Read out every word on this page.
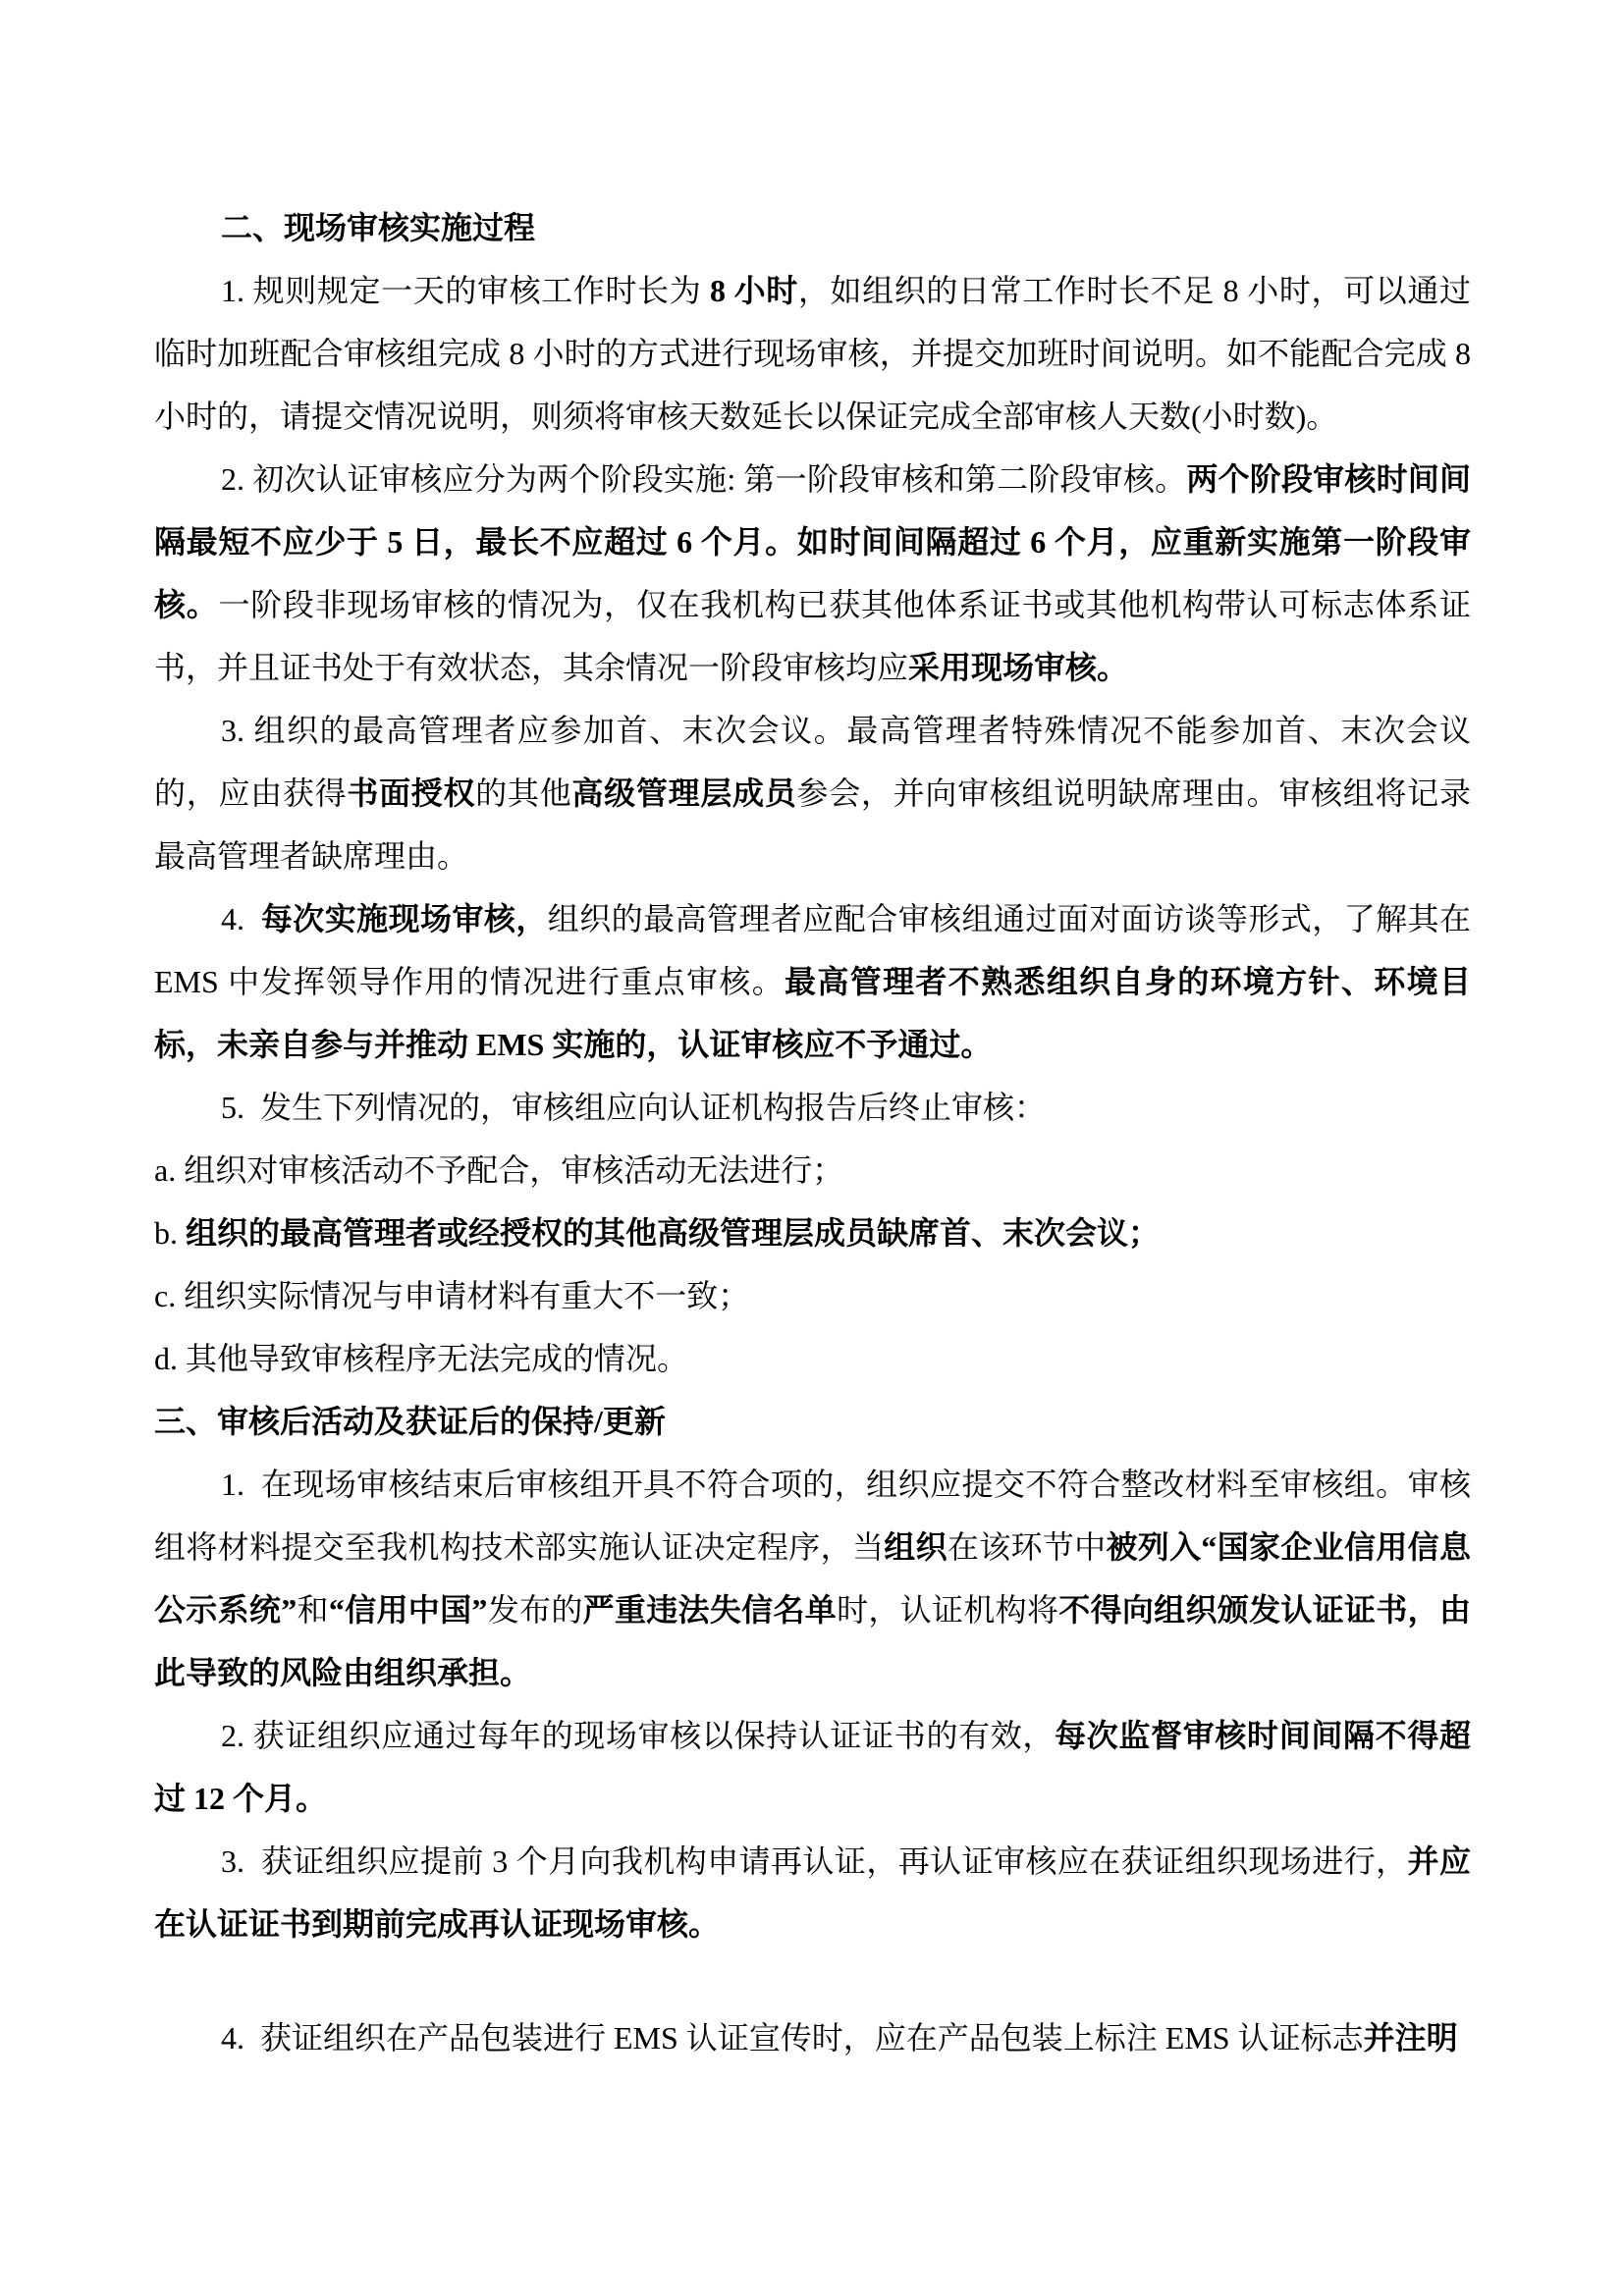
二、现场审核实施过程

1. 规则规定一天的审核工作时长为 8 小时，如组织的日常工作时长不足 8 小时，可以通过临时加班配合审核组完成 8 小时的方式进行现场审核，并提交加班时间说明。如不能配合完成 8 小时的，请提交情况说明，则须将审核天数延长以保证完成全部审核人天数(小时数)。

2. 初次认证审核应分为两个阶段实施: 第一阶段审核和第二阶段审核。两个阶段审核时间间隔最短不应少于 5 日，最长不应超过 6 个月。如时间间隔超过 6 个月，应重新实施第一阶段审核。一阶段非现场审核的情况为，仅在我机构已获其他体系证书或其他机构带认可标志体系证书，并且证书处于有效状态，其余情况一阶段审核均应采用现场审核。

3. 组织的最高管理者应参加首、末次会议。最高管理者特殊情况不能参加首、末次会议的，应由获得书面授权的其他高级管理层成员参会，并向审核组说明缺席理由。审核组将记录最高管理者缺席理由。

4.  每次实施现场审核，组织的最高管理者应配合审核组通过面对面访谈等形式，了解其在 EMS 中发挥领导作用的情况进行重点审核。最高管理者不熟悉组织自身的环境方针、环境目标，未亲自参与并推动 EMS 实施的，认证审核应不予通过。

5.  发生下列情况的，审核组应向认证机构报告后终止审核：

a. 组织对审核活动不予配合，审核活动无法进行；

b. 组织的最高管理者或经授权的其他高级管理层成员缺席首、末次会议；

c. 组织实际情况与申请材料有重大不一致；

d. 其他导致审核程序无法完成的情况。

三、审核后活动及获证后的保持/更新

1.  在现场审核结束后审核组开具不符合项的，组织应提交不符合整改材料至审核组。审核组将材料提交至我机构技术部实施认证决定程序，当组织在该环节中被列入“国家企业信用信息公示系统”和“信用中国”发布的严重违法失信名单时，认证机构将不得向组织颁发认证证书，由此导致的风险由组织承担。

2. 获证组织应通过每年的现场审核以保持认证证书的有效，每次监督审核时间间隔不得超过 12 个月。

3.  获证组织应提前 3 个月向我机构申请再认证，再认证审核应在获证组织现场进行，并应在认证证书到期前完成再认证现场审核。

4.  获证组织在产品包装进行 EMS 认证宣传时，应在产品包装上标注 EMS 认证标志并注明
